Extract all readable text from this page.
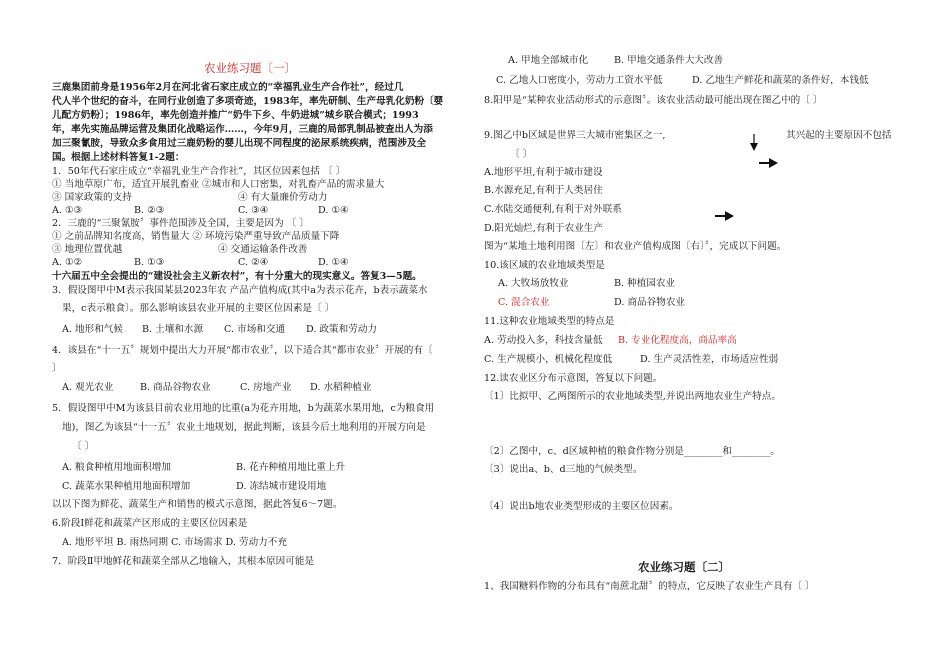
农业练习题〔一〕
三鹿集团前身是1956年2月在河北省石家庄成立的“幸福乳业生产合作社”，经过几
代人半个世纪的奋斗，在同行业创造了多项奇迹，1983年，率先研制、生产母乳化奶粉〔婴
儿配方奶粉〕；1986年，率先创造并推广“奶牛下乡、牛奶进城”城乡联合模式；1993
年，率先实施品牌运营及集团化战略运作……，今年9月，三鹿的局部乳制品被查出人为添
加三聚氰胺，导致众多食用过三鹿奶粉的婴儿出现不同程度的泌尿系统疾病，范围涉及全
国。根据上述材料答复1-2题：
1．50年代石家庄成立“幸福乳业生产合作社”，其区位因素包括 〔 〕
① 当地草原广布，适宜开展乳畜业 ②城市和人口密集，对乳畜产品的需求量大
③ 国家政策的支持	④ 有大量廉价劳动力
A. ①③	B. ②③	C. ③④	D. ①④
2．三鹿的“三聚氰胺〞事件范围涉及全国，主要是因为 〔 〕
① 之前品牌知名度高，销售量大 ② 环境污染严重导致产品质量下降
③ 地理位置优越	④ 交通运输条件改善
A. ①②	B. ①③	C. ②④	D. ①④
十六届五中全会提出的“建设社会主义新农村”，有十分重大的现实意义。答复3—5题。
3．假设图甲中M表示我国某县2023年农 产品产值构成(其中a为表示花卉，b表示蔬菜水
果，c表示粮食〕。那么影响该县农业开展的主要区位因素是〔 〕
A. 地形和气候 B. 土壤和水源 C. 市场和交通 D. 政策和劳动力
4．该县在“十一五〞规划中提出大力开展“都市农业〞，以下适合其“都市农业〞开展的有〔
〕
A. 观光农业	B. 商品谷物农业	C. 房地产业 D. 水稻种植业
5．假设图甲中M为该县目前农业用地的比重(a为花卉用地，b为蔬菜水果用地，c为粮食用
地)，图乙为该县“十一五〞农业土地规划，据此判断，该县今后土地利用的开展方向是
〔 〕
A. 粮食种植用地面积增加	B. 花卉种植用地比重上升
C. 蔬菜水果种植用地面积增加	D. 冻结城市建设用地
以以下图为鲜花、蔬菜生产和销售的模式示意图，据此答复6～7题。
6.阶段Ⅰ鲜花和蔬菜产区形成的主要区位因素是
A. 地形平坦 B. 雨热同期 C. 市场需求 D. 劳动力不充
7．阶段Ⅱ甲地鲜花和蔬菜全部从乙地输入，其根本原因可能是
A. 甲地全部城市化	B. 甲地交通条件大大改善
C. 乙地人口密度小，劳动力工资水平低	D. 乙地生产鲜花和蔬菜的条件好，本钱低
8.阳甲是“某种农业活动形式的示意图〞。该农业活动最可能出现在图乙中的〔 〕
9.图乙中b区域是世界三大城市密集区之一,	其兴起的主要原因不包括
〔 〕
A.地形平坦,有利于城市建设
B.水源充足,有利于人类居住
C.水陆交通便利,有利于对外联系
D.阳光灿烂,有利于农业生产
图为“某地土地利用图〔左〕和农业产值构成图〔右〕〞，完成以下问题。
10.该区域的农业地域类型是
A. 大牧场放牧业	B. 种植园农业
C. 混合农业	D. 商品谷物农业
11.这种农业地域类型的特点是
A. 劳动投入多，科技含量低 B. 专业化程度高，商品率高
C. 生产规模小，机械化程度低	D. 生产灵活性差，市场适应性弱
12.读农业区分布示意图，答复以下问题。
〔1〕比拟甲、乙两图所示的农业地域类型,并说出两地农业生产特点。
〔2〕乙图中，c、d区域种植的粮食作物分别是________和________。
〔3〕说出a、b、d三地的气候类型。
〔4〕说出b地农业类型形成的主要区位因素。
农业练习题〔二〕
1、我国糖料作物的分布具有“南蔗北甜〞的特点，它反映了农业生产具有〔 〕
